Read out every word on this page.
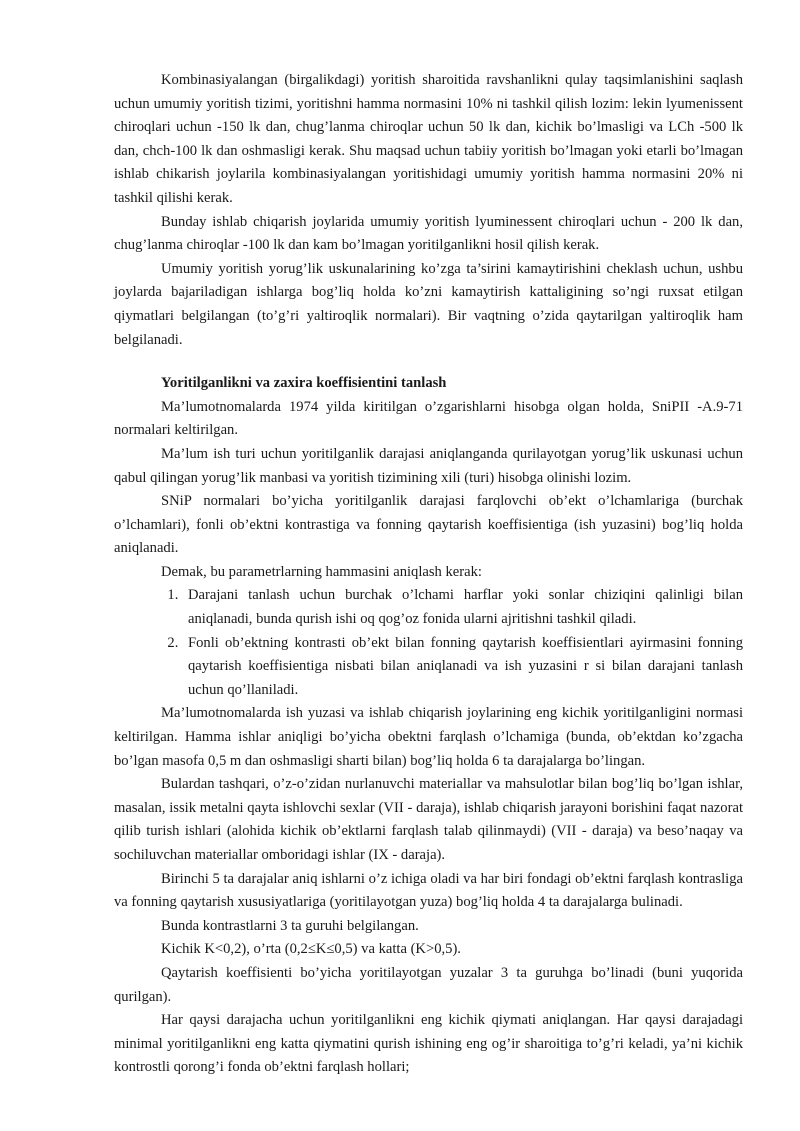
Kombinasiyalangan (birgalikdagi) yoritish sharoitida ravshanlikni qulay taqsimlanishini saqlash uchun umumiy yoritish tizimi, yoritishni hamma normasini 10% ni tashkil qilish lozim: lekin lyumenissent chiroqlari uchun -150 lk dan, chug’lanma chiroqlar uchun 50 lk dan, kichik bo’lmasligi va LCh -500 lk dan, chch-100 lk dan oshmasligi kerak. Shu maqsad uchun tabiiy yoritish bo’lmagan yoki etarli bo’lmagan ishlab chikarish joylarila kombinasiyalangan yoritishidagi umumiy yoritish hamma normasini 20% ni tashkil qilishi kerak.

Bunday ishlab chiqarish joylarida umumiy yoritish lyuminessent chiroqlari uchun - 200 lk dan, chug’lanma chiroqlar -100 lk dan kam bo’lmagan yoritilganlikni hosil qilish kerak.

Umumiy yoritish yorug’lik uskunalarining ko’zga ta’sirini kamaytirishini cheklash uchun, ushbu joylarda bajariladigan ishlarga bog’liq holda ko’zni kamaytirish kattaligining so’ngi ruxsat etilgan qiymatlari belgilangan (to’g’ri yaltiroqlik normalari). Bir vaqtning o’zida qaytarilgan yaltiroqlik ham belgilanadi.

Yoritilganlikni va zaxira koeffisientini tanlash

Ma’lumotnomalarda 1974 yilda kiritilgan o’zgarishlarni hisobga olgan holda, SniPII -A.9-71 normalari keltirilgan.

Ma’lum ish turi uchun yoritilganlik darajasi aniqlanganda qurilayotgan yorug’lik uskunasi uchun qabul qilingan yorug’lik manbasi va yoritish tizimining xili (turi) hisobga olinishi lozim.

SNiP normalari bo’yicha yoritilganlik darajasi farqlovchi ob’ekt o’lchamlariga (burchak o’lchamlari), fonli ob’ektni kontrastiga va fonning qaytarish koeffisientiga (ish yuzasini) bog’liq holda aniqlanadi.

Demak, bu parametrlarning hammasini aniqlash kerak:

1. Darajani tanlash uchun burchak o’lchami harflar yoki sonlar chiziqini qalinligi bilan aniqlanadi, bunda qurish ishi oq qog’oz fonida ularni ajritishni tashkil qiladi.
2. Fonli ob’ektning kontrasti ob’ekt bilan fonning qaytarish koeffisientlari ayirmasini fonning qaytarish koeffisientiga nisbati bilan aniqlanadi va ish yuzasini r si bilan darajani tanlash uchun qo’llaniladi.

Ma’lumotnomalarda ish yuzasi va ishlab chiqarish joylarining eng kichik yoritilganligini normasi keltirilgan. Hamma ishlar aniqligi bo’yicha obektni farqlash o’lchamiga (bunda, ob’ektdan ko’zgacha bo’lgan masofa 0,5 m dan oshmasligi sharti bilan) bog’liq holda 6 ta darajalarga bo’lingan.

Bulardan tashqari, o’z-o’zidan nurlanuvchi materiallar va mahsulotlar bilan bog’liq bo’lgan ishlar, masalan, issik metalni qayta ishlovchi sexlar (VII - daraja), ishlab chiqarish jarayoni borishini faqat nazorat qilib turish ishlari (alohida kichik ob’ektlarni farqlash talab qilinmaydi) (VII - daraja) va beso’naqay va sochiluvchan materiallar omboridagi ishlar (IX - daraja).

Birinchi 5 ta darajalar aniq ishlarni o’z ichiga oladi va har biri fondagi ob’ektni farqlash kontrasliga va fonning qaytarish xususiyatlariga (yoritilayotgan yuza) bog’liq holda 4 ta darajalarga bulinadi.

Bunda kontrastlarni 3 ta guruhi belgilangan.

Kichik K<0,2), o’rta (0,2≤K≤0,5) va katta (K>0,5).

Qaytarish koeffisienti bo’yicha yoritilayotgan yuzalar 3 ta guruhga bo’linadi (buni yuqorida qurilgan).

Har qaysi darajacha uchun yoritilganlikni eng kichik qiymati aniqlangan. Har qaysi darajadagi minimal yoritilganlikni eng katta qiymatini qurish ishining eng og’ir sharoitiga to’g’ri keladi, ya’ni kichik kontrostli qorong’i fonda ob’ektni farqlash hollari;
